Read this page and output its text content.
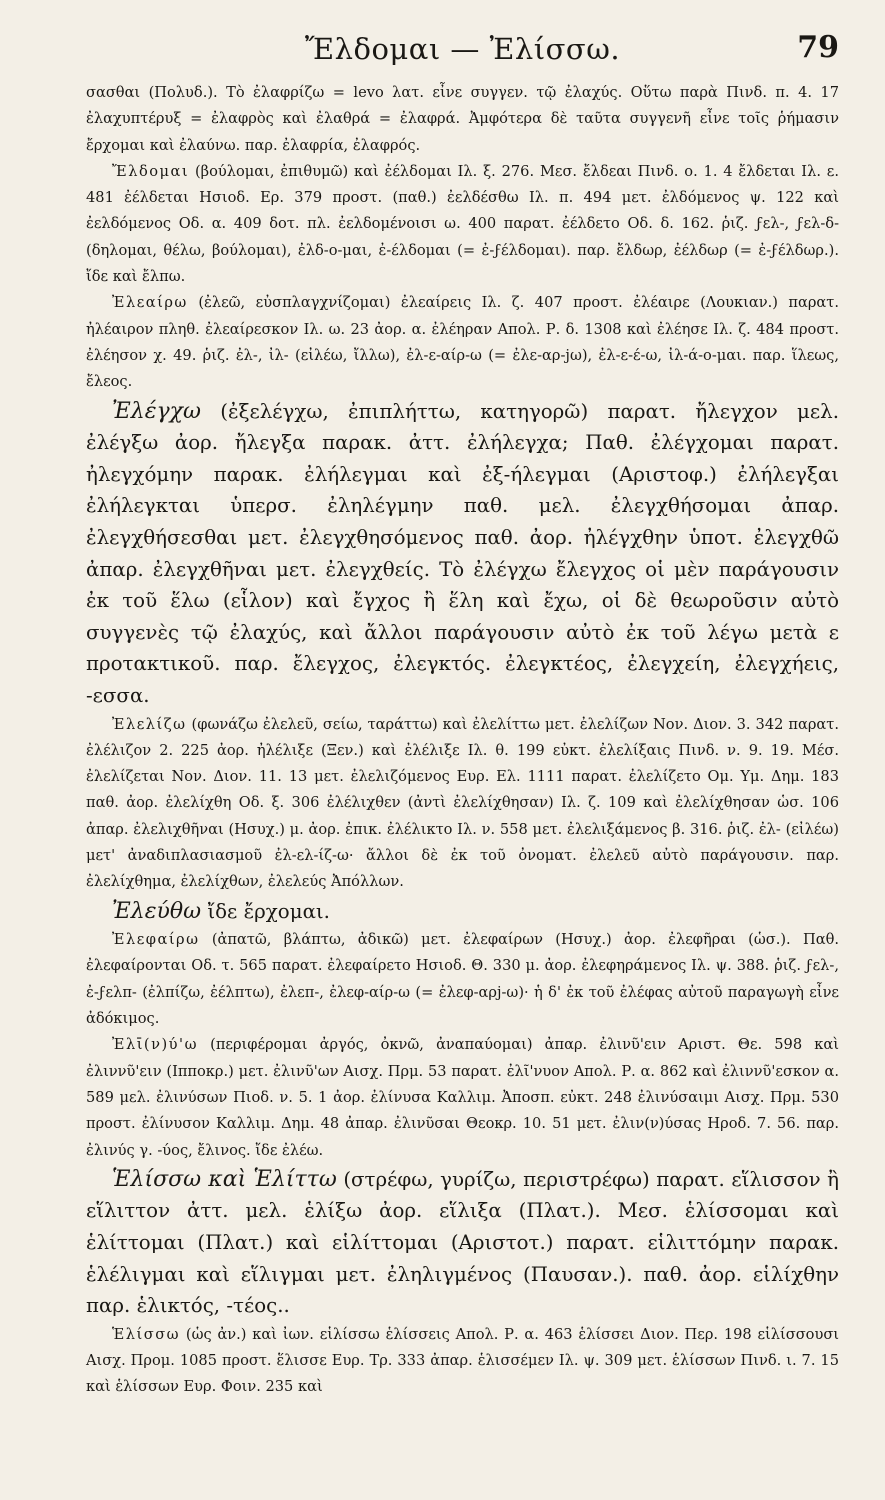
Ἔλδομαι — Ἐλίσσω.	79

σασθαι (Πολυδ.). Τὸ ἐλαφρίζω = levo λατ. εἶνε συγγεν. τῷ ἐλαχύς. Οὕτω παρὰ Πινδ. π. 4. 17 ἐλαχυπτέρυξ = ἐλαφρὸς καὶ ἐλαθρά = ἐλαφρά. Ἀμφότερα δὲ ταῦτα συγγενῆ εἶνε τοῖς ῥήμασιν ἔρχομαι καὶ ἐλαύνω. παρ. ἐλαφρία, ἐλαφρός.

Ἔλδομαι (βούλομαι, ἐπιθυμῶ) καὶ ἐέλδομαι Ιλ. ξ. 276. Μεσ. ἔλδεαι Πινδ. ο. 1. 4 ἔλδεται Ιλ. ε. 481 ἐέλδεται Ησιοδ. Ερ. 379 προστ. (παθ.) ἐελδέσθω Ιλ. π. 494 μετ. ἐλδόμενος ψ. 122 καὶ ἐελδόμενος Οδ. α. 409 δοτ. πλ. ἐελδομένοισι ω. 400 παρατ. ἐέλδετο Οδ. δ. 162. ῥιζ. ϝελ-, ϝελ-δ- (δηλομαι, θέλω, βούλομαι), ἐλδ-ο-μαι, ἐ-έλδομαι (= ἐ-ϝέλδομαι). παρ. ἔλδωρ, ἐέλδωρ (= ἐ-ϝέλδωρ.). ἴδε καὶ ἔλπω.

Ἐλεαίρω (ἐλεῶ, εὐσπλαγχνίζομαι) ἐλεαίρεις Ιλ. ζ. 407 προστ. ἐλέαιρε (Λουκιαν.) παρατ. ἠλέαιρον πληθ. ἐλεαίρεσκον Ιλ. ω. 23 ἀορ. α. ἐλέηραν Απολ. Ρ. δ. 1308 καὶ ἐλέησε Ιλ. ζ. 484 προστ. ἐλέησον χ. 49. ῥιζ. ἐλ-, ἰλ- (εἰλέω, ἴλλω), ἐλ-ε-αίρ-ω (= ἐλε-αρ-jω), ἐλ-ε-έ-ω, ἰλ-ά-ο-μαι. παρ. ἵλεως, ἔλεος.

Ἐλέγχω (ἐξελέγχω, ἐπιπλήττω, κατηγορῶ) παρατ. ἤλεγχον μελ. ἐλέγξω ἀορ. ἤλεγξα παρακ. ἀττ. ἐλήλεγχα; Παθ. ἐλέγχομαι παρατ. ἠλεγχόμην παρακ. ἐλήλεγμαι καὶ ἐξ-ήλεγμαι (Αριστοφ.) ἐλήλεγξαι ἐλήλεγκται ὑπερσ. ἐληλέγμην παθ. μελ. ἐλεγχθήσομαι ἀπαρ. ἐλεγχθήσεσθαι μετ. ἐλεγχθησόμενος παθ. ἀορ. ἠλέγχθην ὑποτ. ἐλεγχθῶ ἀπαρ. ἐλεγχθῆναι μετ. ἐλεγχθείς. Τὸ ἐλέγχω ἔλεγχος οἱ μὲν παράγουσιν ἐκ τοῦ ἕλω (εἷλον) καὶ ἔγχος ἢ ἕλη καὶ ἔχω, οἱ δὲ θεωροῦσιν αὐτὸ συγγενὲς τῷ ἐλαχύς, καὶ ἄλλοι παράγουσιν αὐτὸ ἐκ τοῦ λέγω μετὰ ε προτακτικοῦ. παρ. ἔλεγχος, ἐλεγκτός. ἐλεγκτέος, ἐλεγχείη, ἐλεγχήεις, -εσσα.

Ἐλελίζω (φωνάζω ἐλελεῦ, σείω, ταράττω) καὶ ἐλελίττω μετ. ἐλελίζων Νον. Διον. 3. 342 παρατ. ἐλέλιζον 2. 225 ἀορ. ἠλέλιξε (Ξεν.) καὶ ἐλέλιξε Ιλ. θ. 199 εὐκτ. ἐλελίξαις Πινδ. ν. 9. 19. Μέσ. ἐλελίζεται Νον. Διον. 11. 13 μετ. ἐλελιζόμενος Ευρ. Ελ. 1111 παρατ. ἐλελίζετο Ομ. Υμ. Δημ. 183 παθ. ἀορ. ἐλελίχθη Οδ. ξ. 306 ἐλέλιχθεν (ἀντὶ ἐλελίχθησαν) Ιλ. ζ. 109 καὶ ἐλελίχθησαν ὡσ. 106 ἀπαρ. ἐλελιχθῆναι (Ησυχ.) μ. ἀορ. ἐπικ. ἐλέλικτο Ιλ. ν. 558 μετ. ἐλελιξάμενος β. 316. ῥιζ. ἐλ- (εἰλέω) μετ' ἀναδιπλασιασμοῦ ἐλ-ελ-ίζ-ω· ἄλλοι δὲ ἐκ τοῦ ὀνοματ. ἐλελεῦ αὐτὸ παράγουσιν. παρ. ἐλελίχθημα, ἐλελίχθων, ἐλελεύς Ἀπόλλων.

Ἐλεύθω ἴδε ἔρχομαι.

Ἐλεφαίρω (ἀπατῶ, βλάπτω, ἀδικῶ) μετ. ἐλεφαίρων (Ησυχ.) ἀορ. ἐλεφῆραι (ὡσ.). Παθ. ἐλεφαίρονται Οδ. τ. 565 παρατ. ἐλεφαίρετο Ησιοδ. Θ. 330 μ. ἀορ. ἐλεφηράμενος Ιλ. ψ. 388. ῥιζ. ϝελ-, ἐ-ϝελπ- (ἐλπίζω, ἐέλπτω), ἐλεπ-, ἐλεφ-αίρ-ω (= ἐλεφ-αρj-ω)· ἡ δ' ἐκ τοῦ ἐλέφας αὐτοῦ παραγωγὴ εἶνε ἀδόκιμος.

Ἐλῑ(ν)ύ'ω (περιφέρομαι ἀργός, ὀκνῶ, ἀναπαύομαι) ἀπαρ. ἐλινῦ'ειν Αριστ. Θε. 598 καὶ ἐλιννῦ'ειν (Ιπποκρ.) μετ. ἐλινῦ'ων Αισχ. Πρμ. 53 παρατ. ἐλῖ'νυον Απολ. Ρ. α. 862 καὶ ἐλιννῦ'εσκον α. 589 μελ. ἐλινύσων Πιοδ. ν. 5. 1 ἀορ. ἐλίνυσα Καλλιμ. Ἀποσπ. εὐκτ. 248 ἐλινύσαιμι Αισχ. Πρμ. 530 προστ. ἐλίνυσον Καλλιμ. Δημ. 48 ἀπαρ. ἐλινῦσαι Θεοκρ. 10. 51 μετ. ἐλιν(ν)ύσας Ηροδ. 7. 56. παρ. ἐλινύς γ. -ύος, ἔλινος. ἴδε ἐλέω.

Ἑλίσσω καὶ Ἑλίττω (στρέφω, γυρίζω, περιστρέφω) παρατ. εἵλισσον ἢ εἵλιττον ἀττ. μελ. ἑλίξω ἀορ. εἵλιξα (Πλατ.). Μεσ. ἑλίσσομαι καὶ ἑλίττομαι (Πλατ.) καὶ εἱλίττομαι (Αριστοτ.) παρατ. εἱλιττόμην παρακ. ἑλέλιγμαι καὶ εἵλιγμαι μετ. ἐληλιγμένος (Παυσαν.). παθ. ἀορ. εἱλίχθην παρ. ἑλικτός, -τέος..

Ἑλίσσω (ὡς ἀν.) καὶ ἰων. εἱλίσσω ἑλίσσεις Απολ. Ρ. α. 463 ἑλίσσει Διον. Περ. 198 εἱλίσσουσι Αισχ. Προμ. 1085 προστ. ἕλισσε Ευρ. Τρ. 333 ἀπαρ. ἑλισσέμεν Ιλ. ψ. 309 μετ. ἑλίσσων Πινδ. ι. 7. 15 καὶ ἑλίσσων Ευρ. Φοιν. 235 καὶ
